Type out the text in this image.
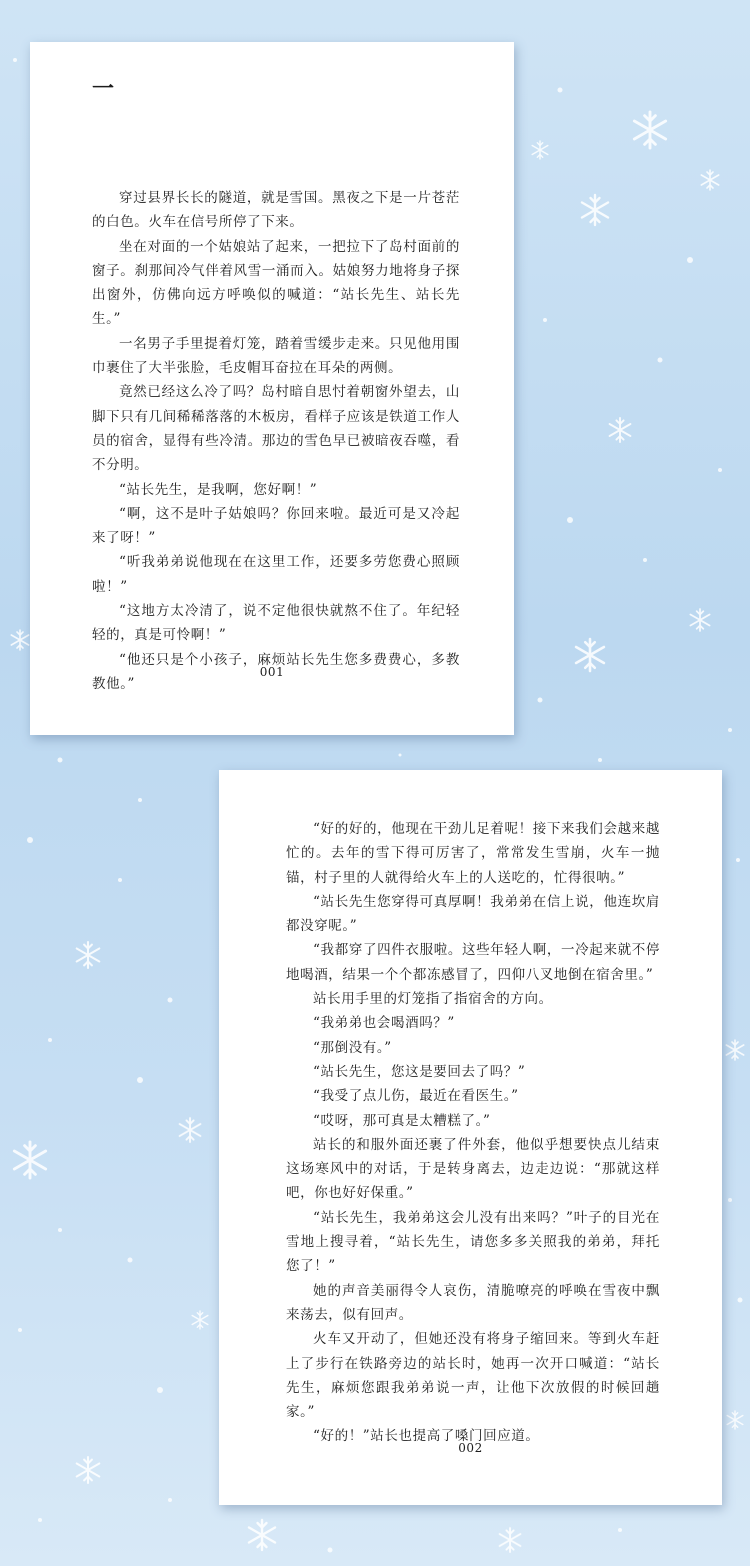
一

穿过县界长长的隧道，就是雪国。黑夜之下是一片苍茫的白色。火车在信号所停了下来。

坐在对面的一个姑娘站了起来，一把拉下了岛村面前的窗子。刹那间冷气伴着风雪一涌而入。姑娘努力地将身子探出窗外，仿佛向远方呼唤似的喊道：“站长先生、站长先生。”

一名男子手里提着灯笼，踏着雪缓步走来。只见他用围巾裹住了大半张脸，毛皮帽耳奋拉在耳朵的两侧。

竟然已经这么冷了吗？岛村暗自思忖着朝窗外望去，山脚下只有几间稀稀落落的木板房，看样子应该是铁道工作人员的宿舍，显得有些冷清。那边的雪色早已被暗夜吞噬，看不分明。

“站长先生，是我啊，您好啊！”

“啊，这不是叶子姑娘吗？你回来啦。最近可是又冷起来了呀！”

“听我弟弟说他现在在这里工作，还要多劳您费心照顾啦！”

“这地方太冷清了，说不定他很快就熬不住了。年纪轻轻的，真是可怜啊！”

“他还只是个小孩子，麻烦站长先生您多费费心，多教教他。”

001

“好的好的，他现在干劲儿足着呢！接下来我们会越来越忙的。去年的雪下得可厉害了，常常发生雪崩，火车一抛锚，村子里的人就得给火车上的人送吃的，忙得很呐。”

“站长先生您穿得可真厚啊！我弟弟在信上说，他连坎肩都没穿呢。”

“我都穿了四件衣服啦。这些年轻人啊，一冷起来就不停地喝酒，结果一个个都冻感冒了，四仰八叉地倒在宿舍里。”

站长用手里的灯笼指了指宿舍的方向。

“我弟弟也会喝酒吗？”

“那倒没有。”

“站长先生，您这是要回去了吗？”

“我受了点儿伤，最近在看医生。”

“哎呀，那可真是太糟糕了。”

站长的和服外面还裹了件外套，他似乎想要快点儿结束这场寒风中的对话，于是转身离去，边走边说：“那就这样吧，你也好好保重。”

“站长先生，我弟弟这会儿没有出来吗？”叶子的目光在雪地上搜寻着，“站长先生，请您多多关照我的弟弟，拜托您了！”

她的声音美丽得令人哀伤，清脆嘹亮的呼唤在雪夜中飘来荡去，似有回声。

火车又开动了，但她还没有将身子缩回来。等到火车赶上了步行在铁路旁边的站长时，她再一次开口喊道：“站长先生，麻烦您跟我弟弟说一声，让他下次放假的时候回趟家。”

“好的！”站长也提高了嗓门回应道。

002
